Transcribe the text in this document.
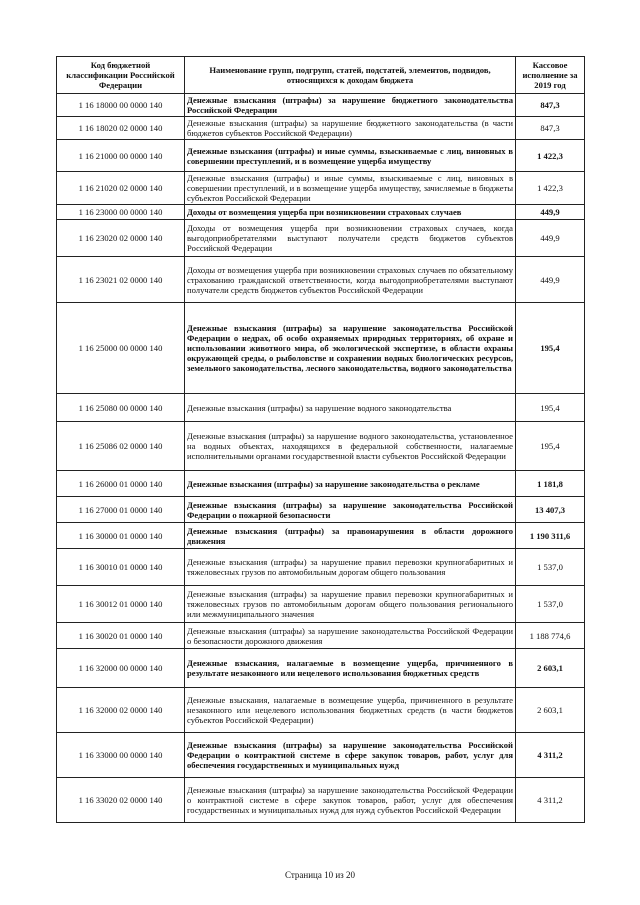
Код бюджетной классификации Российской Федерации	Наименование групп, подгрупп, статей, подстатей, элементов, подвидов, относящихся к доходам бюджета	Кассовое исполнение за 2019 год
1 16 18000 00 0000 140	Денежные взыскания (штрафы) за нарушение бюджетного законодательства Российской Федерации	847,3
1 16 18020 02 0000 140	Денежные взыскания (штрафы) за нарушение бюджетного законодательства (в части бюджетов субъектов Российской Федерации)	847,3
1 16 21000 00 0000 140	Денежные взыскания (штрафы) и иные суммы, взыскиваемые с лиц, виновных в совершении преступлений, и в возмещение ущерба имуществу	1 422,3
1 16 21020 02 0000 140	Денежные взыскания (штрафы) и иные суммы, взыскиваемые с лиц, виновных в совершении преступлений, и в возмещение ущерба имуществу, зачисляемые в бюджеты субъектов Российской Федерации	1 422,3
1 16 23000 00 0000 140	Доходы от возмещения ущерба при возникновении страховых случаев	449,9
1 16 23020 02 0000 140	Доходы от возмещения ущерба при возникновении страховых случаев, когда выгодоприобретателями выступают получатели средств бюджетов субъектов Российской Федерации	449,9
1 16 23021 02 0000 140	Доходы от возмещения ущерба при возникновении страховых случаев по обязательному страхованию гражданской ответственности, когда выгодоприобретателями выступают получатели средств бюджетов субъектов Российской Федерации	449,9
1 16 25000 00 0000 140	Денежные взыскания (штрафы) за нарушение законодательства Российской Федерации о недрах, об особо охраняемых природных территориях, об охране и использовании животного мира, об экологической экспертизе, в области охраны окружающей среды, о рыболовстве и сохранении водных биологических ресурсов, земельного законодательства, лесного законодательства, водного законодательства	195,4
1 16 25080 00 0000 140	Денежные взыскания (штрафы) за нарушение водного законодательства	195,4
1 16 25086 02 0000 140	Денежные взыскания (штрафы) за нарушение водного законодательства, установленное на водных объектах, находящихся в федеральной собственности, налагаемые исполнительными органами государственной власти субъектов Российской Федерации	195,4
1 16 26000 01 0000 140	Денежные взыскания (штрафы) за нарушение законодательства о рекламе	1 181,8
1 16 27000 01 0000 140	Денежные взыскания (штрафы) за нарушение законодательства Российской Федерации о пожарной безопасности	13 407,3
1 16 30000 01 0000 140	Денежные взыскания (штрафы) за правонарушения в области дорожного движения	1 190 311,6
1 16 30010 01 0000 140	Денежные взыскания (штрафы) за нарушение правил перевозки крупногабаритных и тяжеловесных грузов по автомобильным дорогам общего пользования	1 537,0
1 16 30012 01 0000 140	Денежные взыскания (штрафы) за нарушение правил перевозки крупногабаритных и тяжеловесных грузов по автомобильным дорогам общего пользования регионального или межмуниципального значения	1 537,0
1 16 30020 01 0000 140	Денежные взыскания (штрафы) за нарушение законодательства Российской Федерации о безопасности дорожного движения	1 188 774,6
1 16 32000 00 0000 140	Денежные взыскания, налагаемые в возмещение ущерба, причиненного в результате незаконного или нецелевого использования бюджетных средств	2 603,1
1 16 32000 02 0000 140	Денежные взыскания, налагаемые в возмещение ущерба, причиненного в результате незаконного или нецелевого использования бюджетных средств (в части бюджетов субъектов Российской Федерации)	2 603,1
1 16 33000 00 0000 140	Денежные взыскания (штрафы) за нарушение законодательства Российской Федерации о контрактной системе в сфере закупок товаров, работ, услуг для обеспечения государственных и муниципальных нужд	4 311,2
1 16 33020 02 0000 140	Денежные взыскания (штрафы) за нарушение законодательства Российской Федерации о контрактной системе в сфере закупок товаров, работ, услуг для обеспечения государственных и муниципальных нужд для нужд субъектов Российской Федерации	4 311,2
Страница 10 из 20
